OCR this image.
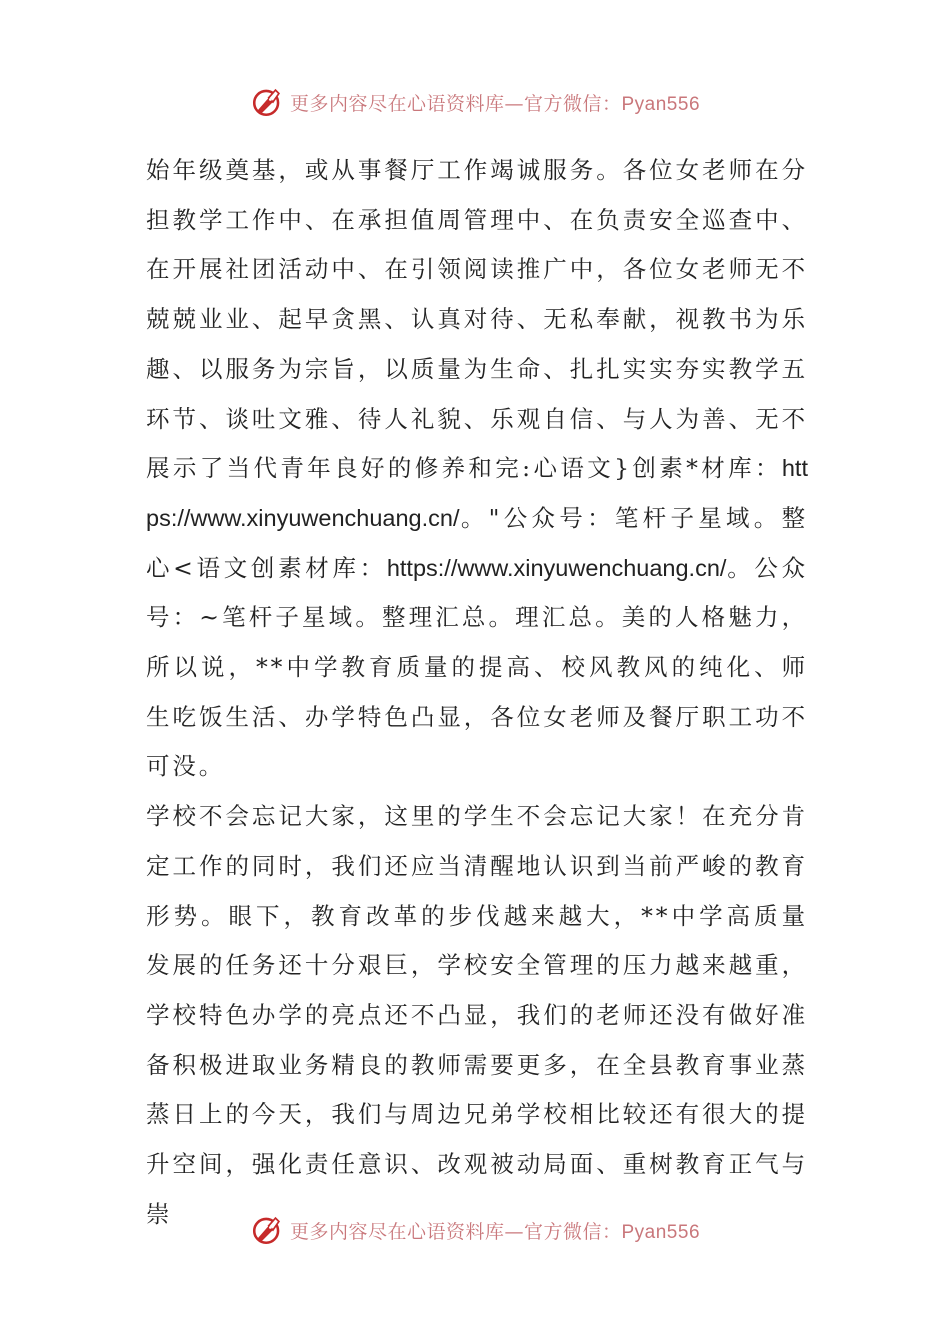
更多内容尽在心语资料库—官方微信：Pyan556

始年级奠基，或从事餐厅工作竭诚服务。各位女老师在分担教学工作中、在承担值周管理中、在负责安全巡查中、在开展社团活动中、在引领阅读推广中，各位女老师无不兢兢业业、起早贪黑、认真对待、无私奉献，视教书为乐趣、以服务为宗旨，以质量为生命、扎扎实实夯实教学五环节、谈吐文雅、待人礼貌、乐观自信、与人为善、无不展示了当代青年良好的修养和完:心语文}创素*材库：https://www.xinyuwenchuang.cn/。"公众号：笔杆子星域。整心<语文创素材库：https://www.xinyuwenchuang.cn/。公众号：~笔杆子星域。整理汇总。理汇总。美的人格魅力，所以说，**中学教育质量的提高、校风教风的纯化、师生吃饭生活、办学特色凸显，各位女老师及餐厅职工功不可没。

学校不会忘记大家，这里的学生不会忘记大家！在充分肯定工作的同时，我们还应当清醒地认识到当前严峻的教育形势。眼下，教育改革的步伐越来越大，**中学高质量发展的任务还十分艰巨，学校安全管理的压力越来越重，学校特色办学的亮点还不凸显，我们的老师还没有做好准备积极进取业务精良的教师需要更多，在全县教育事业蒸蒸日上的今天，我们与周边兄弟学校相比较还有很大的提升空间，强化责任意识、改观被动局面、重树教育正气与崇

更多内容尽在心语资料库—官方微信：Pyan556
